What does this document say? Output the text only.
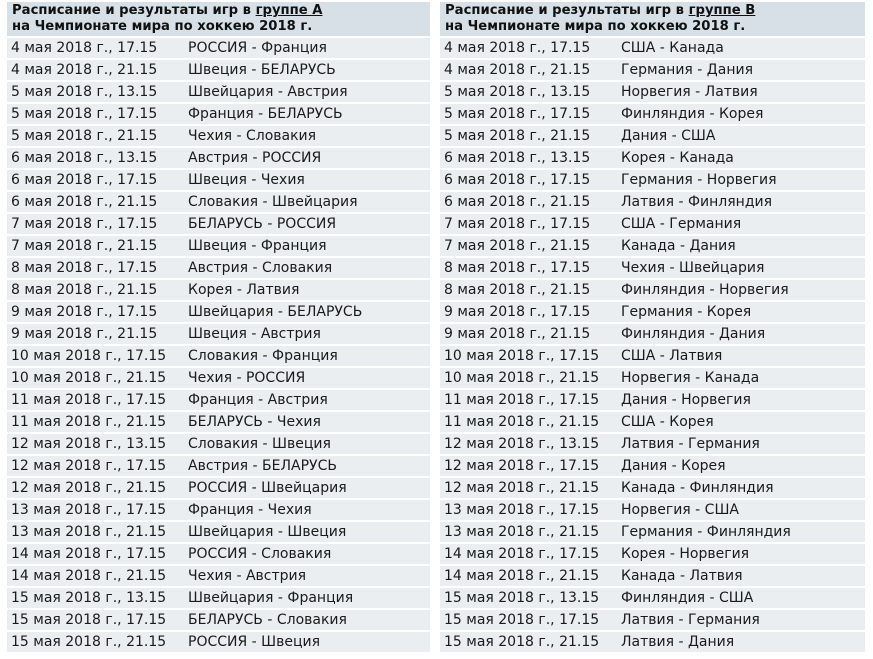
Расписание и результаты игр в группе А
на Чемпионате мира по хоккею 2018 г.
4 мая 2018 г., 17.15 РОССИЯ - Франция
4 мая 2018 г., 21.15 Швеция - БЕЛАРУСЬ
5 мая 2018 г., 13.15 Швейцария - Австрия
5 мая 2018 г., 17.15 Франция - БЕЛАРУСЬ
5 мая 2018 г., 21.15 Чехия - Словакия
6 мая 2018 г., 13.15 Австрия - РОССИЯ
6 мая 2018 г., 17.15 Швеция - Чехия
6 мая 2018 г., 21.15 Словакия - Швейцария
7 мая 2018 г., 17.15 БЕЛАРУСЬ - РОССИЯ
7 мая 2018 г., 21.15 Швеция - Франция
8 мая 2018 г., 17.15 Австрия - Словакия
8 мая 2018 г., 21.15 Корея - Латвия
9 мая 2018 г., 17.15 Швейцария - БЕЛАРУСЬ
9 мая 2018 г., 21.15 Швеция - Австрия
10 мая 2018 г., 17.15 Словакия - Франция
10 мая 2018 г., 21.15 Чехия - РОССИЯ
11 мая 2018 г., 17.15 Франция - Австрия
11 мая 2018 г., 21.15 БЕЛАРУСЬ - Чехия
12 мая 2018 г., 13.15 Словакия - Швеция
12 мая 2018 г., 17.15 Австрия - БЕЛАРУСЬ
12 мая 2018 г., 21.15 РОССИЯ - Швейцария
13 мая 2018 г., 17.15 Франция - Чехия
13 мая 2018 г., 21.15 Швейцария - Швеция
14 мая 2018 г., 17.15 РОССИЯ - Словакия
14 мая 2018 г., 21.15 Чехия - Австрия
15 мая 2018 г., 13.15 Швейцария - Франция
15 мая 2018 г., 17.15 БЕЛАРУСЬ - Словакия
15 мая 2018 г., 21.15 РОССИЯ - Швеция
Расписание и результаты игр в группе В
на Чемпионате мира по хоккею 2018 г.
4 мая 2018 г., 17.15 США - Канада
4 мая 2018 г., 21.15 Германия - Дания
5 мая 2018 г., 13.15 Норвегия - Латвия
5 мая 2018 г., 17.15 Финляндия - Корея
5 мая 2018 г., 21.15 Дания - США
6 мая 2018 г., 13.15 Корея - Канада
6 мая 2018 г., 17.15 Германия - Норвегия
6 мая 2018 г., 21.15 Латвия - Финляндия
7 мая 2018 г., 17.15 США - Германия
7 мая 2018 г., 21.15 Канада - Дания
8 мая 2018 г., 17.15 Чехия - Швейцария
8 мая 2018 г., 21.15 Финляндия - Норвегия
9 мая 2018 г., 17.15 Германия - Корея
9 мая 2018 г., 21.15 Финляндия - Дания
10 мая 2018 г., 17.15 США - Латвия
10 мая 2018 г., 21.15 Норвегия - Канада
11 мая 2018 г., 17.15 Дания - Норвегия
11 мая 2018 г., 21.15 США - Корея
12 мая 2018 г., 13.15 Латвия - Германия
12 мая 2018 г., 17.15 Дания - Корея
12 мая 2018 г., 21.15 Канада - Финляндия
13 мая 2018 г., 17.15 Норвегия - США
13 мая 2018 г., 21.15 Германия - Финляндия
14 мая 2018 г., 17.15 Корея - Норвегия
14 мая 2018 г., 21.15 Канада - Латвия
15 мая 2018 г., 13.15 Финляндия - США
15 мая 2018 г., 17.15 Латвия - Германия
15 мая 2018 г., 21.15 Латвия - Дания
